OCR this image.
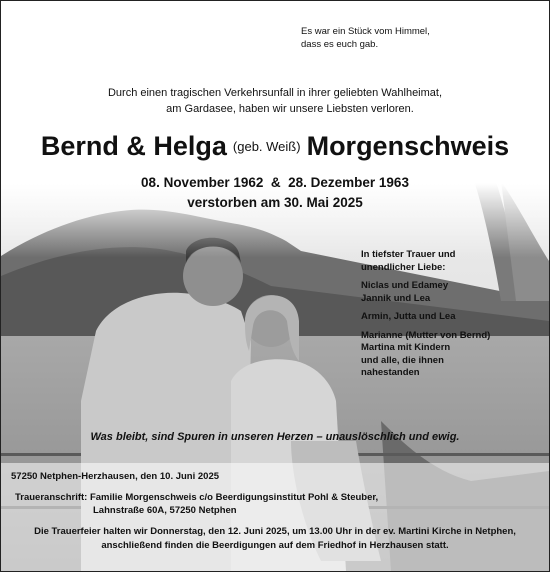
Es war ein Stück vom Himmel,
dass es euch gab.
Durch einen tragischen Verkehrsunfall in ihrer geliebten Wahlheimat,
am Gardasee, haben wir unsere Liebsten verloren.
Bernd & Helga (geb. Weiß) Morgenschweis
08. November 1962  &  28. Dezember 1963
verstorben am 30. Mai 2025
In tiefster Trauer und
unendlicher Liebe:
Niclas und Edamey
Jannik und Lea
Armin, Jutta und Lea
Marianne (Mutter von Bernd)
Martina mit Kindern
und alle, die ihnen
nahestanden
Was bleibt, sind Spuren in unseren Herzen – unauslöschlich und ewig.
57250 Netphen-Herzhausen, den 10. Juni 2025
Traueranschrift: Familie Morgenschweis c/o Beerdigungsinstitut Pohl & Steuber,
Lahnstraße 60A, 57250 Netphen
Die Trauerfeier halten wir Donnerstag, den 12. Juni 2025, um 13.00 Uhr in der ev. Martini Kirche in Netphen,
anschließend finden die Beerdigungen auf dem Friedhof in Herzhausen statt.
